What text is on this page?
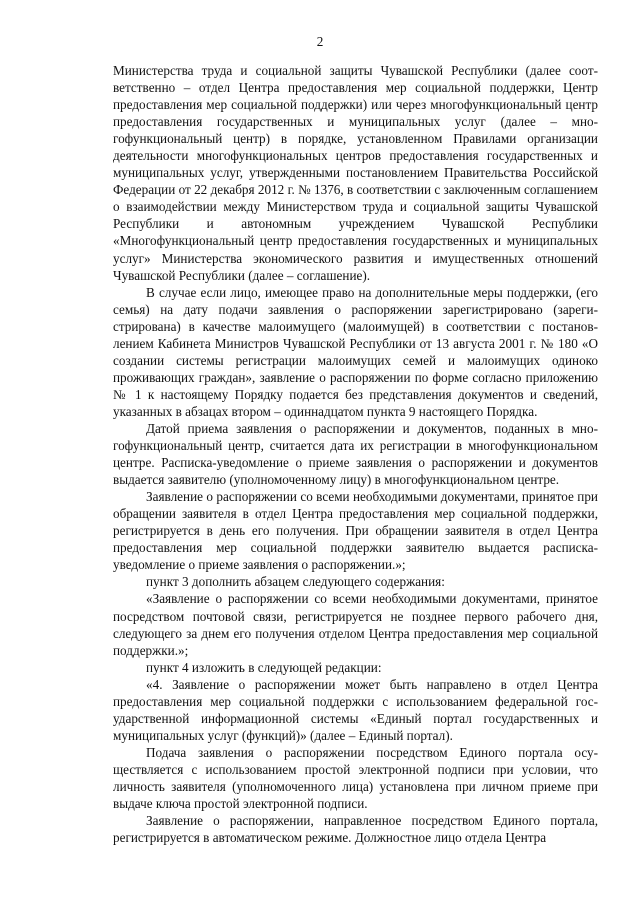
2

Министерства труда и социальной защиты Чувашской Республики (далее соответственно – отдел Центра предоставления мер социальной поддержки, Центр предоставления мер социальной поддержки) или через многофункциональный центр предоставления государственных и муниципальных услуг (далее – многофункциональный центр) в порядке, установленном Правилами организации деятельности многофункциональных центров предоставления государственных и муниципальных услуг, утвержденными постановлением Правительства Российской Федерации от 22 декабря 2012 г. № 1376, в соответствии с заключенным соглашением о взаимодействии между Министерством труда и социальной защиты Чувашской Республики и автономным учреждением Чувашской Республики «Многофункциональный центр предоставления государственных и муниципальных услуг» Министерства экономического развития и имущественных отношений Чувашской Республики (далее – соглашение).

В случае если лицо, имеющее право на дополнительные меры поддержки, (его семья) на дату подачи заявления о распоряжении зарегистрировано (зарегистрирована) в качестве малоимущего (малоимущей) в соответствии с постановлением Кабинета Министров Чувашской Республики от 13 августа 2001 г. № 180 «О создании системы регистрации малоимущих семей и малоимущих одиноко проживающих граждан», заявление о распоряжении по форме согласно приложению № 1 к настоящему Порядку подается без представления документов и сведений, указанных в абзацах втором – одиннадцатом пункта 9 настоящего Порядка.

Датой приема заявления о распоряжении и документов, поданных в многофункциональный центр, считается дата их регистрации в многофункциональном центре. Расписка-уведомление о приеме заявления о распоряжении и документов выдается заявителю (уполномоченному лицу) в многофункциональном центре.

Заявление о распоряжении со всеми необходимыми документами, принятое при обращении заявителя в отдел Центра предоставления мер социальной поддержки, регистрируется в день его получения. При обращении заявителя в отдел Центра предоставления мер социальной поддержки заявителю выдается расписка-уведомление о приеме заявления о распоряжении.»;

пункт 3 дополнить абзацем следующего содержания:

«Заявление о распоряжении со всеми необходимыми документами, принятое посредством почтовой связи, регистрируется не позднее первого рабочего дня, следующего за днем его получения отделом Центра предоставления мер социальной поддержки.»;

пункт 4 изложить в следующей редакции:

«4. Заявление о распоряжении может быть направлено в отдел Центра предоставления мер социальной поддержки с использованием федеральной государственной информационной системы «Единый портал государственных и муниципальных услуг (функций)» (далее – Единый портал).

Подача заявления о распоряжении посредством Единого портала осуществляется с использованием простой электронной подписи при условии, что личность заявителя (уполномоченного лица) установлена при личном приеме при выдаче ключа простой электронной подписи.

Заявление о распоряжении, направленное посредством Единого портала, регистрируется в автоматическом режиме. Должностное лицо отдела Центра
